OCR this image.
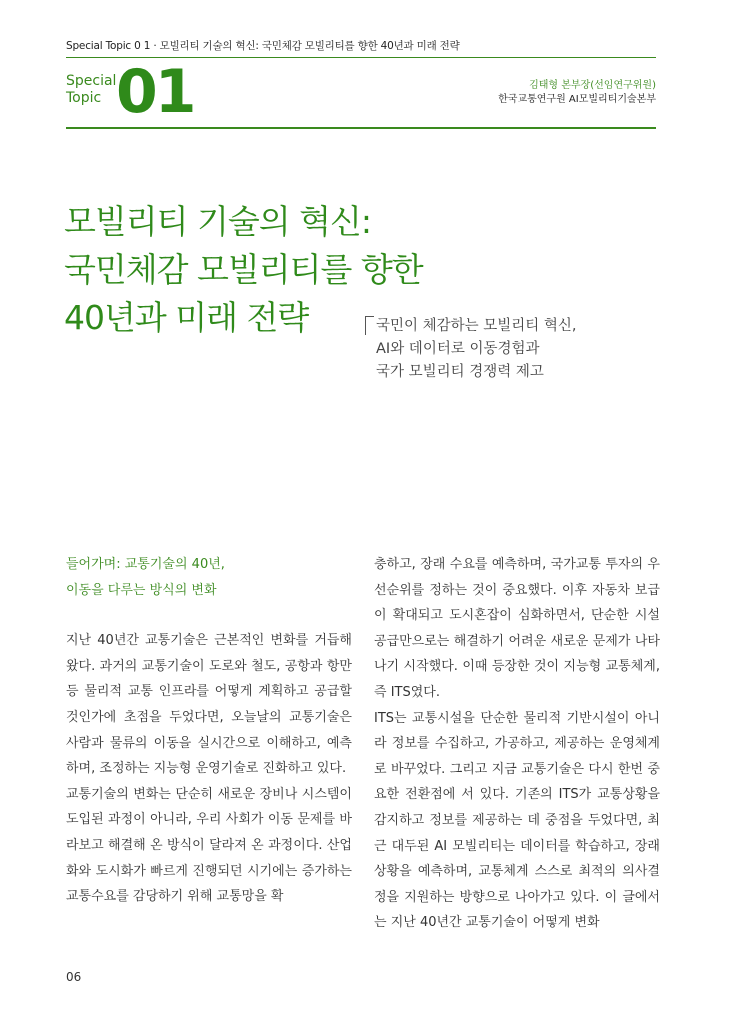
Special Topic 0 1 · 모빌리티 기술의 혁신: 국민체감 모빌리티를 향한 40년과 미래 전략
Special
Topic 01	김태형 본부장(선임연구위원)
한국교통연구원 AI모빌리티기술본부
모빌리티 기술의 혁신:
국민체감 모빌리티를 향한
40년과 미래 전략	국민이 체감하는 모빌리티 혁신,
AI와 데이터로 이동경험과
국가 모빌리티 경쟁력 제고
들어가며: 교통기술의 40년,
이동을 다루는 방식의 변화

지난 40년간 교통기술은 근본적인 변화를 거듭해 왔다. 과거의 교통기술이 도로와 철도, 공항과 항만 등 물리적 교통 인프라를 어떻게 계획하고 공급할 것인가에 초점을 두었다면, 오늘날의 교통기술은 사람과 물류의 이동을 실시간으로 이해하고, 예측하며, 조정하는 지능형 운영기술로 진화하고 있다.

교통기술의 변화는 단순히 새로운 장비나 시스템이 도입된 과정이 아니라, 우리 사회가 이동 문제를 바라보고 해결해 온 방식이 달라져 온 과정이다. 산업화와 도시화가 빠르게 진행되던 시기에는 증가하는 교통수요를 감당하기 위해 교통망을 확

충하고, 장래 수요를 예측하며, 국가교통 투자의 우선순위를 정하는 것이 중요했다. 이후 자동차 보급이 확대되고 도시혼잡이 심화하면서, 단순한 시설 공급만으로는 해결하기 어려운 새로운 문제가 나타나기 시작했다. 이때 등장한 것이 지능형 교통체계, 즉 ITS였다.

ITS는 교통시설을 단순한 물리적 기반시설이 아니라 정보를 수집하고, 가공하고, 제공하는 운영체계로 바꾸었다. 그리고 지금 교통기술은 다시 한번 중요한 전환점에 서 있다. 기존의 ITS가 교통상황을 감지하고 정보를 제공하는 데 중점을 두었다면, 최근 대두된 AI 모빌리티는 데이터를 학습하고, 장래 상황을 예측하며, 교통체계 스스로 최적의 의사결정을 지원하는 방향으로 나아가고 있다. 이 글에서는 지난 40년간 교통기술이 어떻게 변화

06
